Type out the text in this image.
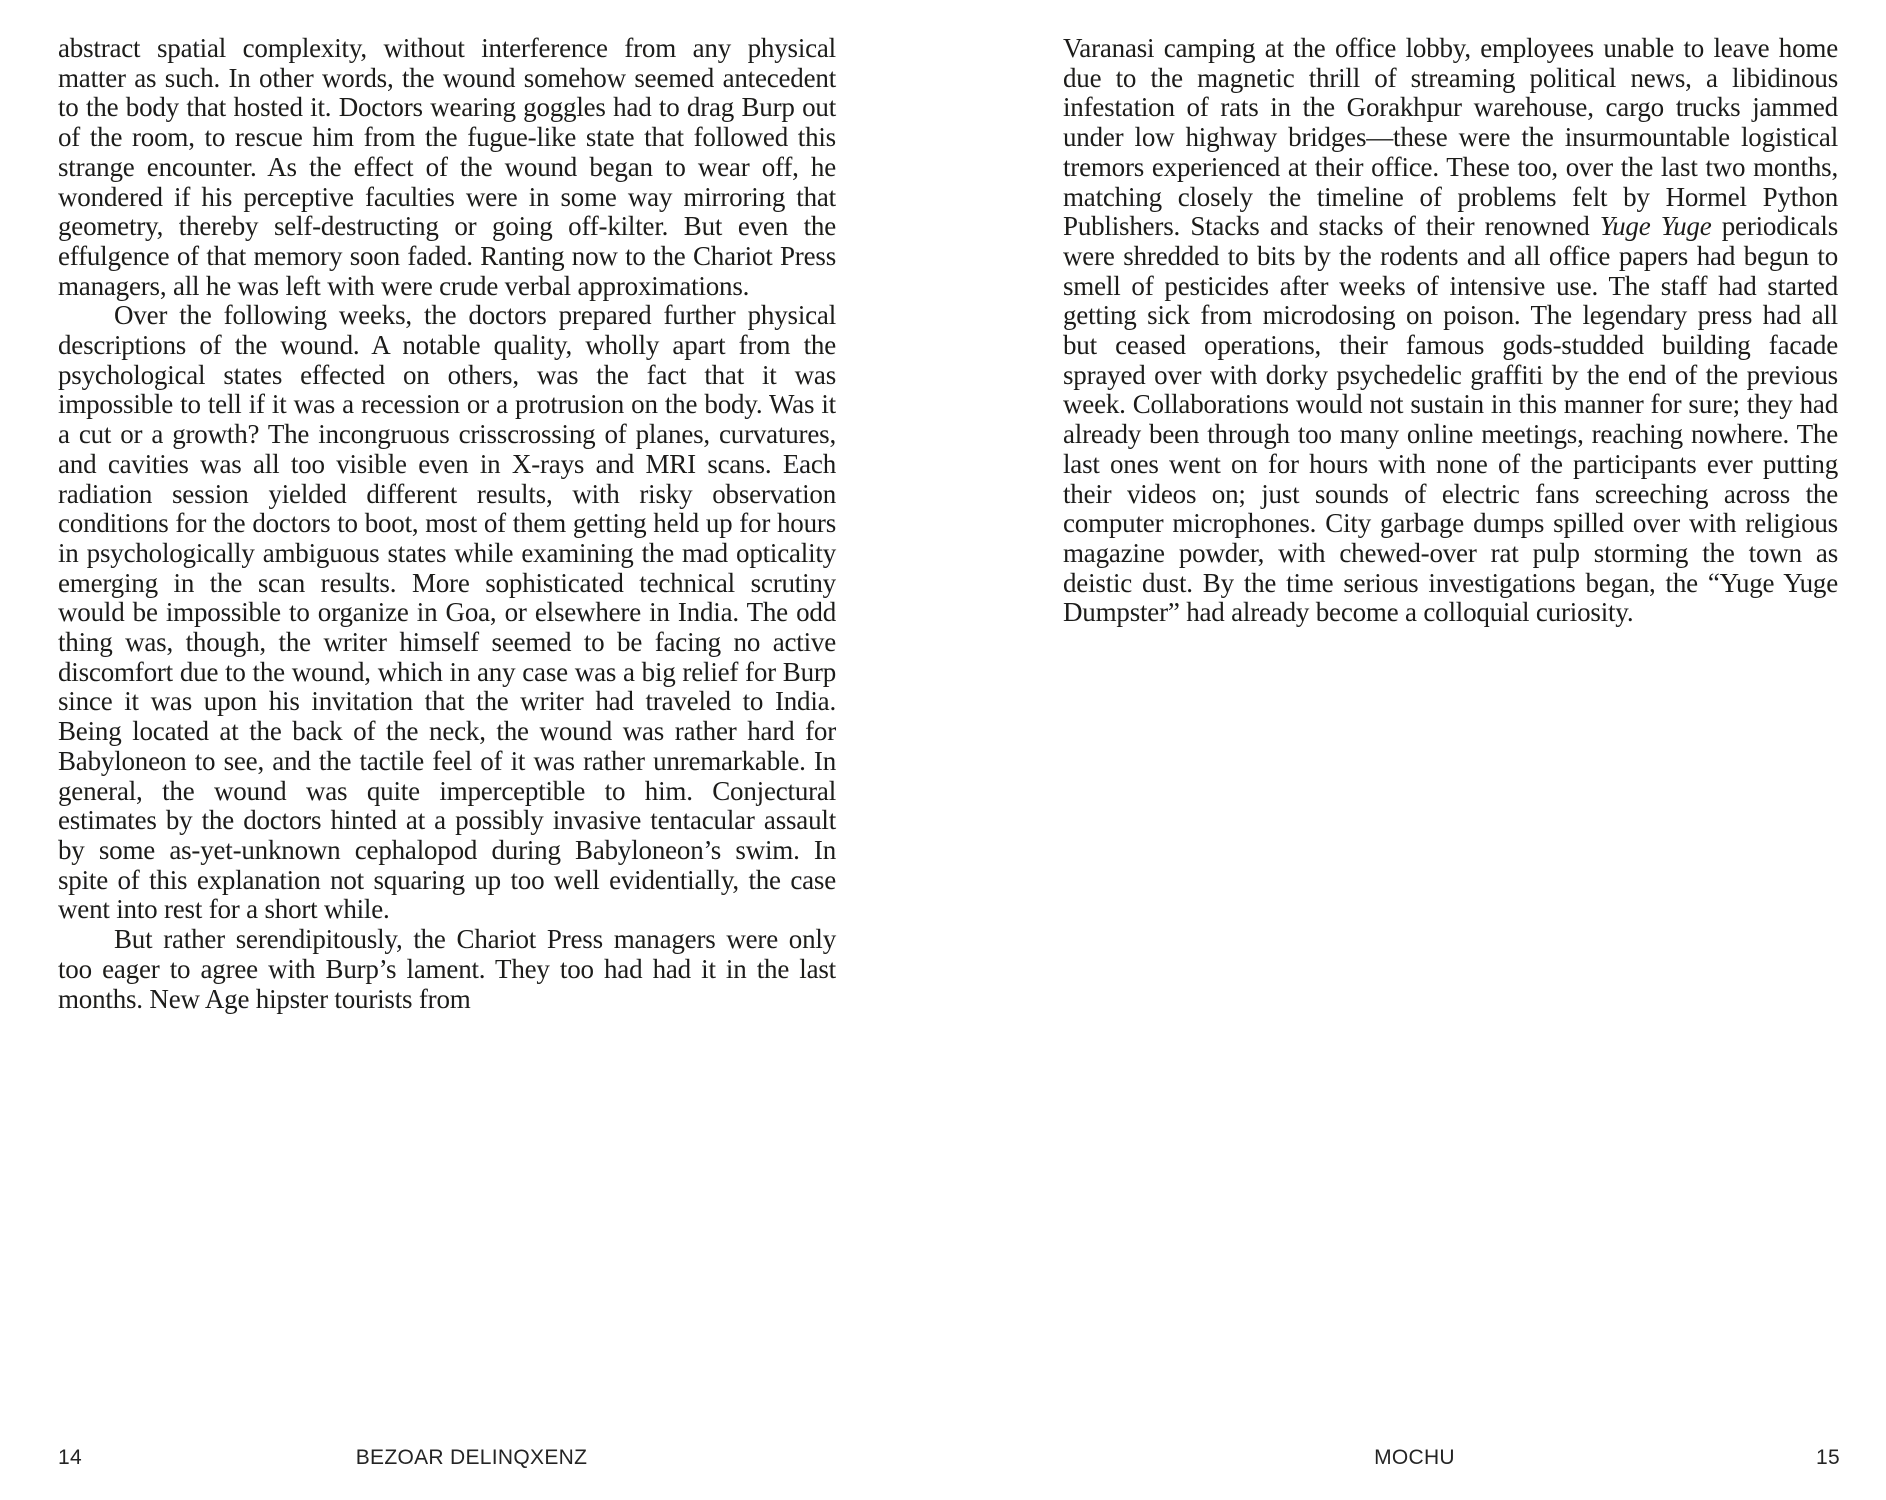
abstract spatial complexity, without interference from any physical matter as such. In other words, the wound somehow seemed antecedent to the body that hosted it. Doctors wearing goggles had to drag Burp out of the room, to rescue him from the fugue-like state that followed this strange encounter. As the effect of the wound began to wear off, he wondered if his perceptive faculties were in some way mirroring that geometry, thereby self-destructing or going off-kilter. But even the effulgence of that memory soon faded. Ranting now to the Chariot Press managers, all he was left with were crude verbal approximations.

Over the following weeks, the doctors prepared further physical descriptions of the wound. A notable quality, wholly apart from the psychological states effected on others, was the fact that it was impossible to tell if it was a recession or a protrusion on the body. Was it a cut or a growth? The incongruous crisscrossing of planes, curvatures, and cavities was all too visible even in X-rays and MRI scans. Each radiation session yielded different results, with risky observation conditions for the doctors to boot, most of them getting held up for hours in psychologically ambiguous states while examining the mad opticality emerging in the scan results. More sophisticated technical scrutiny would be impossible to organize in Goa, or elsewhere in India. The odd thing was, though, the writer himself seemed to be facing no active discomfort due to the wound, which in any case was a big relief for Burp since it was upon his invitation that the writer had traveled to India. Being located at the back of the neck, the wound was rather hard for Babyloneon to see, and the tactile feel of it was rather unremarkable. In general, the wound was quite imperceptible to him. Conjectural estimates by the doctors hinted at a possibly invasive tentacular assault by some as-yet-unknown cephalopod during Babyloneon’s swim. In spite of this explanation not squaring up too well evidentially, the case went into rest for a short while.

But rather serendipitously, the Chariot Press managers were only too eager to agree with Burp’s lament. They too had had it in the last months. New Age hipster tourists from

Varanasi camping at the office lobby, employees unable to leave home due to the magnetic thrill of streaming political news, a libidinous infestation of rats in the Gorakhpur warehouse, cargo trucks jammed under low highway bridges—these were the insurmountable logistical tremors experienced at their office. These too, over the last two months, matching closely the timeline of problems felt by Hormel Python Publishers. Stacks and stacks of their renowned Yuge Yuge periodicals were shredded to bits by the rodents and all office papers had begun to smell of pesticides after weeks of intensive use. The staff had started getting sick from microdosing on poison. The legendary press had all but ceased operations, their famous gods-studded building facade sprayed over with dorky psychedelic graffiti by the end of the previous week. Collaborations would not sustain in this manner for sure; they had already been through too many online meetings, reaching nowhere. The last ones went on for hours with none of the participants ever putting their videos on; just sounds of electric fans screeching across the computer microphones. City garbage dumps spilled over with religious magazine powder, with chewed-over rat pulp storming the town as deistic dust. By the time serious investigations began, the “Yuge Yuge Dumpster” had already become a colloquial curiosity.

14	BEZOAR DELINQXENZ	MOCHU	15
